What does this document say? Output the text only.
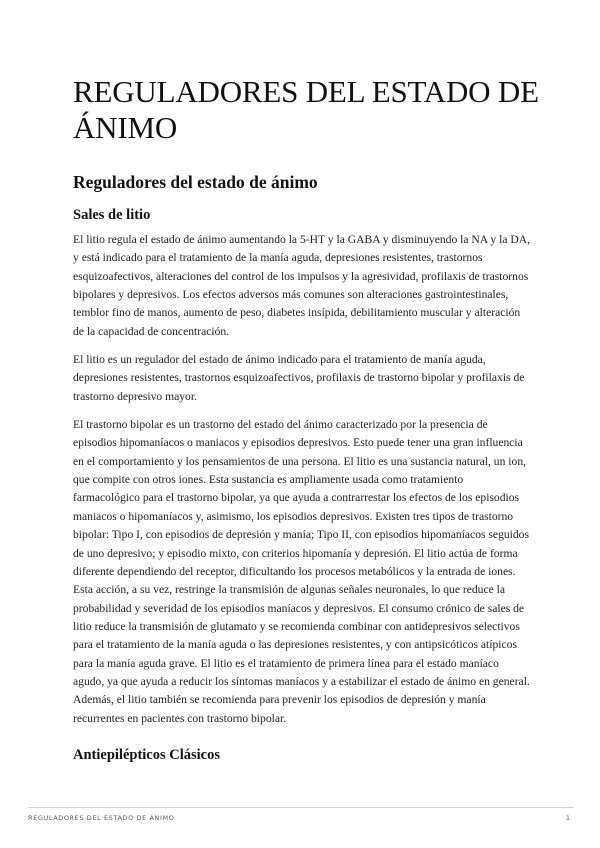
REGULADORES DEL ESTADO DE ÁNIMO
Reguladores del estado de ánimo
Sales de litio

El litio regula el estado de ánimo aumentando la 5-HT y la GABA y disminuyendo la NA y la DA, y está indicado para el tratamiento de la manía aguda, depresiones resistentes, trastornos esquizoafectivos, alteraciones del control de los impulsos y la agresividad, profilaxis de trastornos bipolares y depresivos. Los efectos adversos más comunes son alteraciones gastrointestinales, temblor fino de manos, aumento de peso, diabetes insípida, debilitamiento muscular y alteración de la capacidad de concentración.

El litio es un regulador del estado de ánimo indicado para el tratamiento de manía aguda, depresiones resistentes, trastornos esquizoafectivos, profilaxis de trastorno bipolar y profilaxis de trastorno depresivo mayor.

El trastorno bipolar es un trastorno del estado del ánimo caracterizado por la presencia de episodios hipomaníacos o maniacos y episodios depresivos. Esto puede tener una gran influencia en el comportamiento y los pensamientos de una persona. El litio es una sustancia natural, un ion, que compite con otros iones. Esta sustancia es ampliamente usada como tratamiento farmacológico para el trastorno bipolar, ya que ayuda a contrarrestar los efectos de los episodios maniacos o hipomaníacos y, asimismo, los episodios depresivos. Existen tres tipos de trastorno bipolar: Tipo I, con episodios de depresión y manía; Tipo II, con episodios hipomaníacos seguidos de uno depresivo; y episodio mixto, con criterios hipomanía y depresión. El litio actúa de forma diferente dependiendo del receptor, dificultando los procesos metabólicos y la entrada de iones. Esta acción, a su vez, restringe la transmisión de algunas señales neuronales, lo que reduce la probabilidad y severidad de los episodios maníacos y depresivos. El consumo crónico de sales de litio reduce la transmisión de glutamato y se recomienda combinar con antidepresivos selectivos para el tratamiento de la manía aguda o las depresiones resistentes, y con antipsicóticos atípicos para la manía aguda grave. El litio es el tratamiento de primera línea para el estado maníaco agudo, ya que ayuda a reducir los síntomas maníacos y a estabilizar el estado de ánimo en general. Además, el litio también se recomienda para prevenir los episodios de depresión y manía recurrentes en pacientes con trastorno bipolar.

Antiepilépticos Clásicos
REGULADORES DEL ESTADO DE ÁNIMO	1
